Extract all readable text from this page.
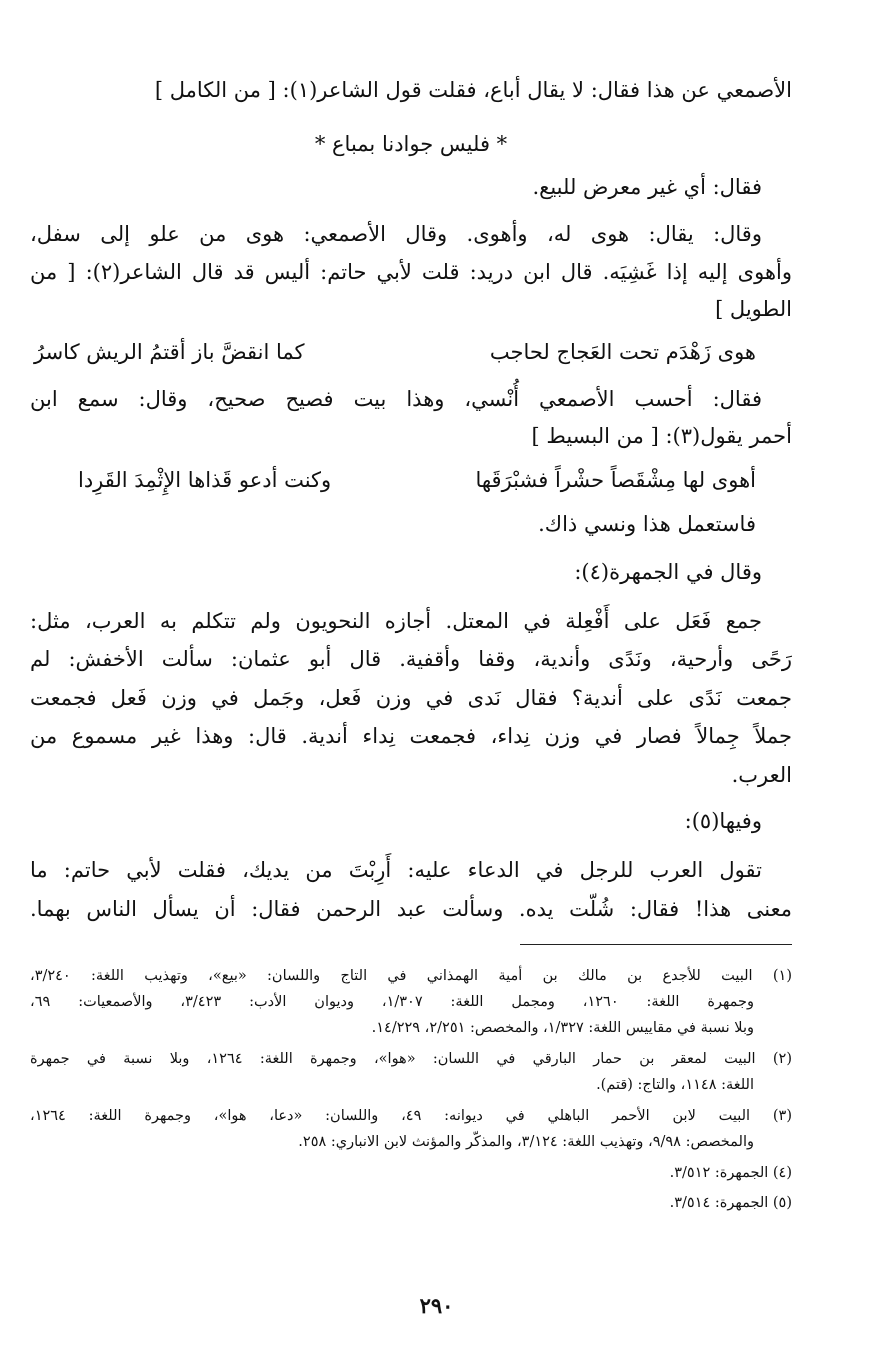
الأصمعي عن هذا فقال: لا يقال أباع، فقلت قول الشاعر(١): [ من الكامل ]
* فليس جوادنا بمباع *
فقال: أي غير معرض للبيع.
وقال: يقال: هوى له، وأهوى. وقال الأصمعي: هوى من علو إلى سفل،
وأهوى إليه إذا غَشِيَه. قال ابن دريد: قلت لأبي حاتم: أليس قد قال الشاعر(٢): [ من
الطويل ]
هوى زَهْدَم تحت العَجاج لحاجب
كما انقضَّ باز أقتمُ الريش كاسرُ
فقال: أحسب الأصمعي أُنْسي، وهذا بيت فصيح صحيح، وقال: سمع ابن
أحمر يقول(٣): [ من البسيط ]
أهوى لها مِشْقَصاً حشْراً فشبْرَقَها
وكنت أدعو قَذاها الإِثْمِدَ القَرِدا
فاستعمل هذا ونسي ذاك.
وقال في الجمهرة(٤):
جمع فَعَل على أَفْعِلة في المعتل. أجازه النحويون ولم تتكلم به العرب، مثل:
رَحًى وأرحية، ونَدًى وأندية، وقفا وأقفية. قال أبو عثمان: سألت الأخفش: لم
جمعت نَدًى على أندية؟ فقال نَدى في وزن فَعل، وجَمل في وزن فَعل فجمعت
جملاً جِمالاً فصار في وزن نِداء، فجمعت نِداء أندية. قال: وهذا غير مسموع من
العرب.
وفيها(٥):
تقول العرب للرجل في الدعاء عليه: أَرِبْتَ من يديك، فقلت لأبي حاتم: ما
معنى هذا! فقال: شُلّت يده. وسألت عبد الرحمن فقال: أن يسأل الناس بهما.
(١) البيت للأجدع بن مالك بن أمية الهمذاني في التاج واللسان: «بيع»، وتهذيب اللغة: ٣/٢٤٠،
وجمهرة اللغة: ١٢٦٠، ومجمل اللغة: ١/٣٠٧، وديوان الأدب: ٣/٤٢٣، والأصمعيات: ٦٩،
وبلا نسبة في مقاييس اللغة: ١/٣٢٧، والمخصص: ٢/٢٥١، ١٤/٢٢٩.
(٢) البيت لمعقر بن حمار البارقي في اللسان: «هوا»، وجمهرة اللغة: ١٢٦٤، وبلا نسبة في جمهرة
اللغة: ١١٤٨، والتاج: (قتم).
(٣) البيت لابن الأحمر الباهلي في ديوانه: ٤٩، واللسان: «دعا، هوا»، وجمهرة اللغة: ١٢٦٤،
والمخصص: ٩/٩٨، وتهذيب اللغة: ٣/١٢٤، والمذكّر والمؤنث لابن الانباري: ٢٥٨.
(٤) الجمهرة: ٣/٥١٢.
(٥) الجمهرة: ٣/٥١٤.
٢٩٠
